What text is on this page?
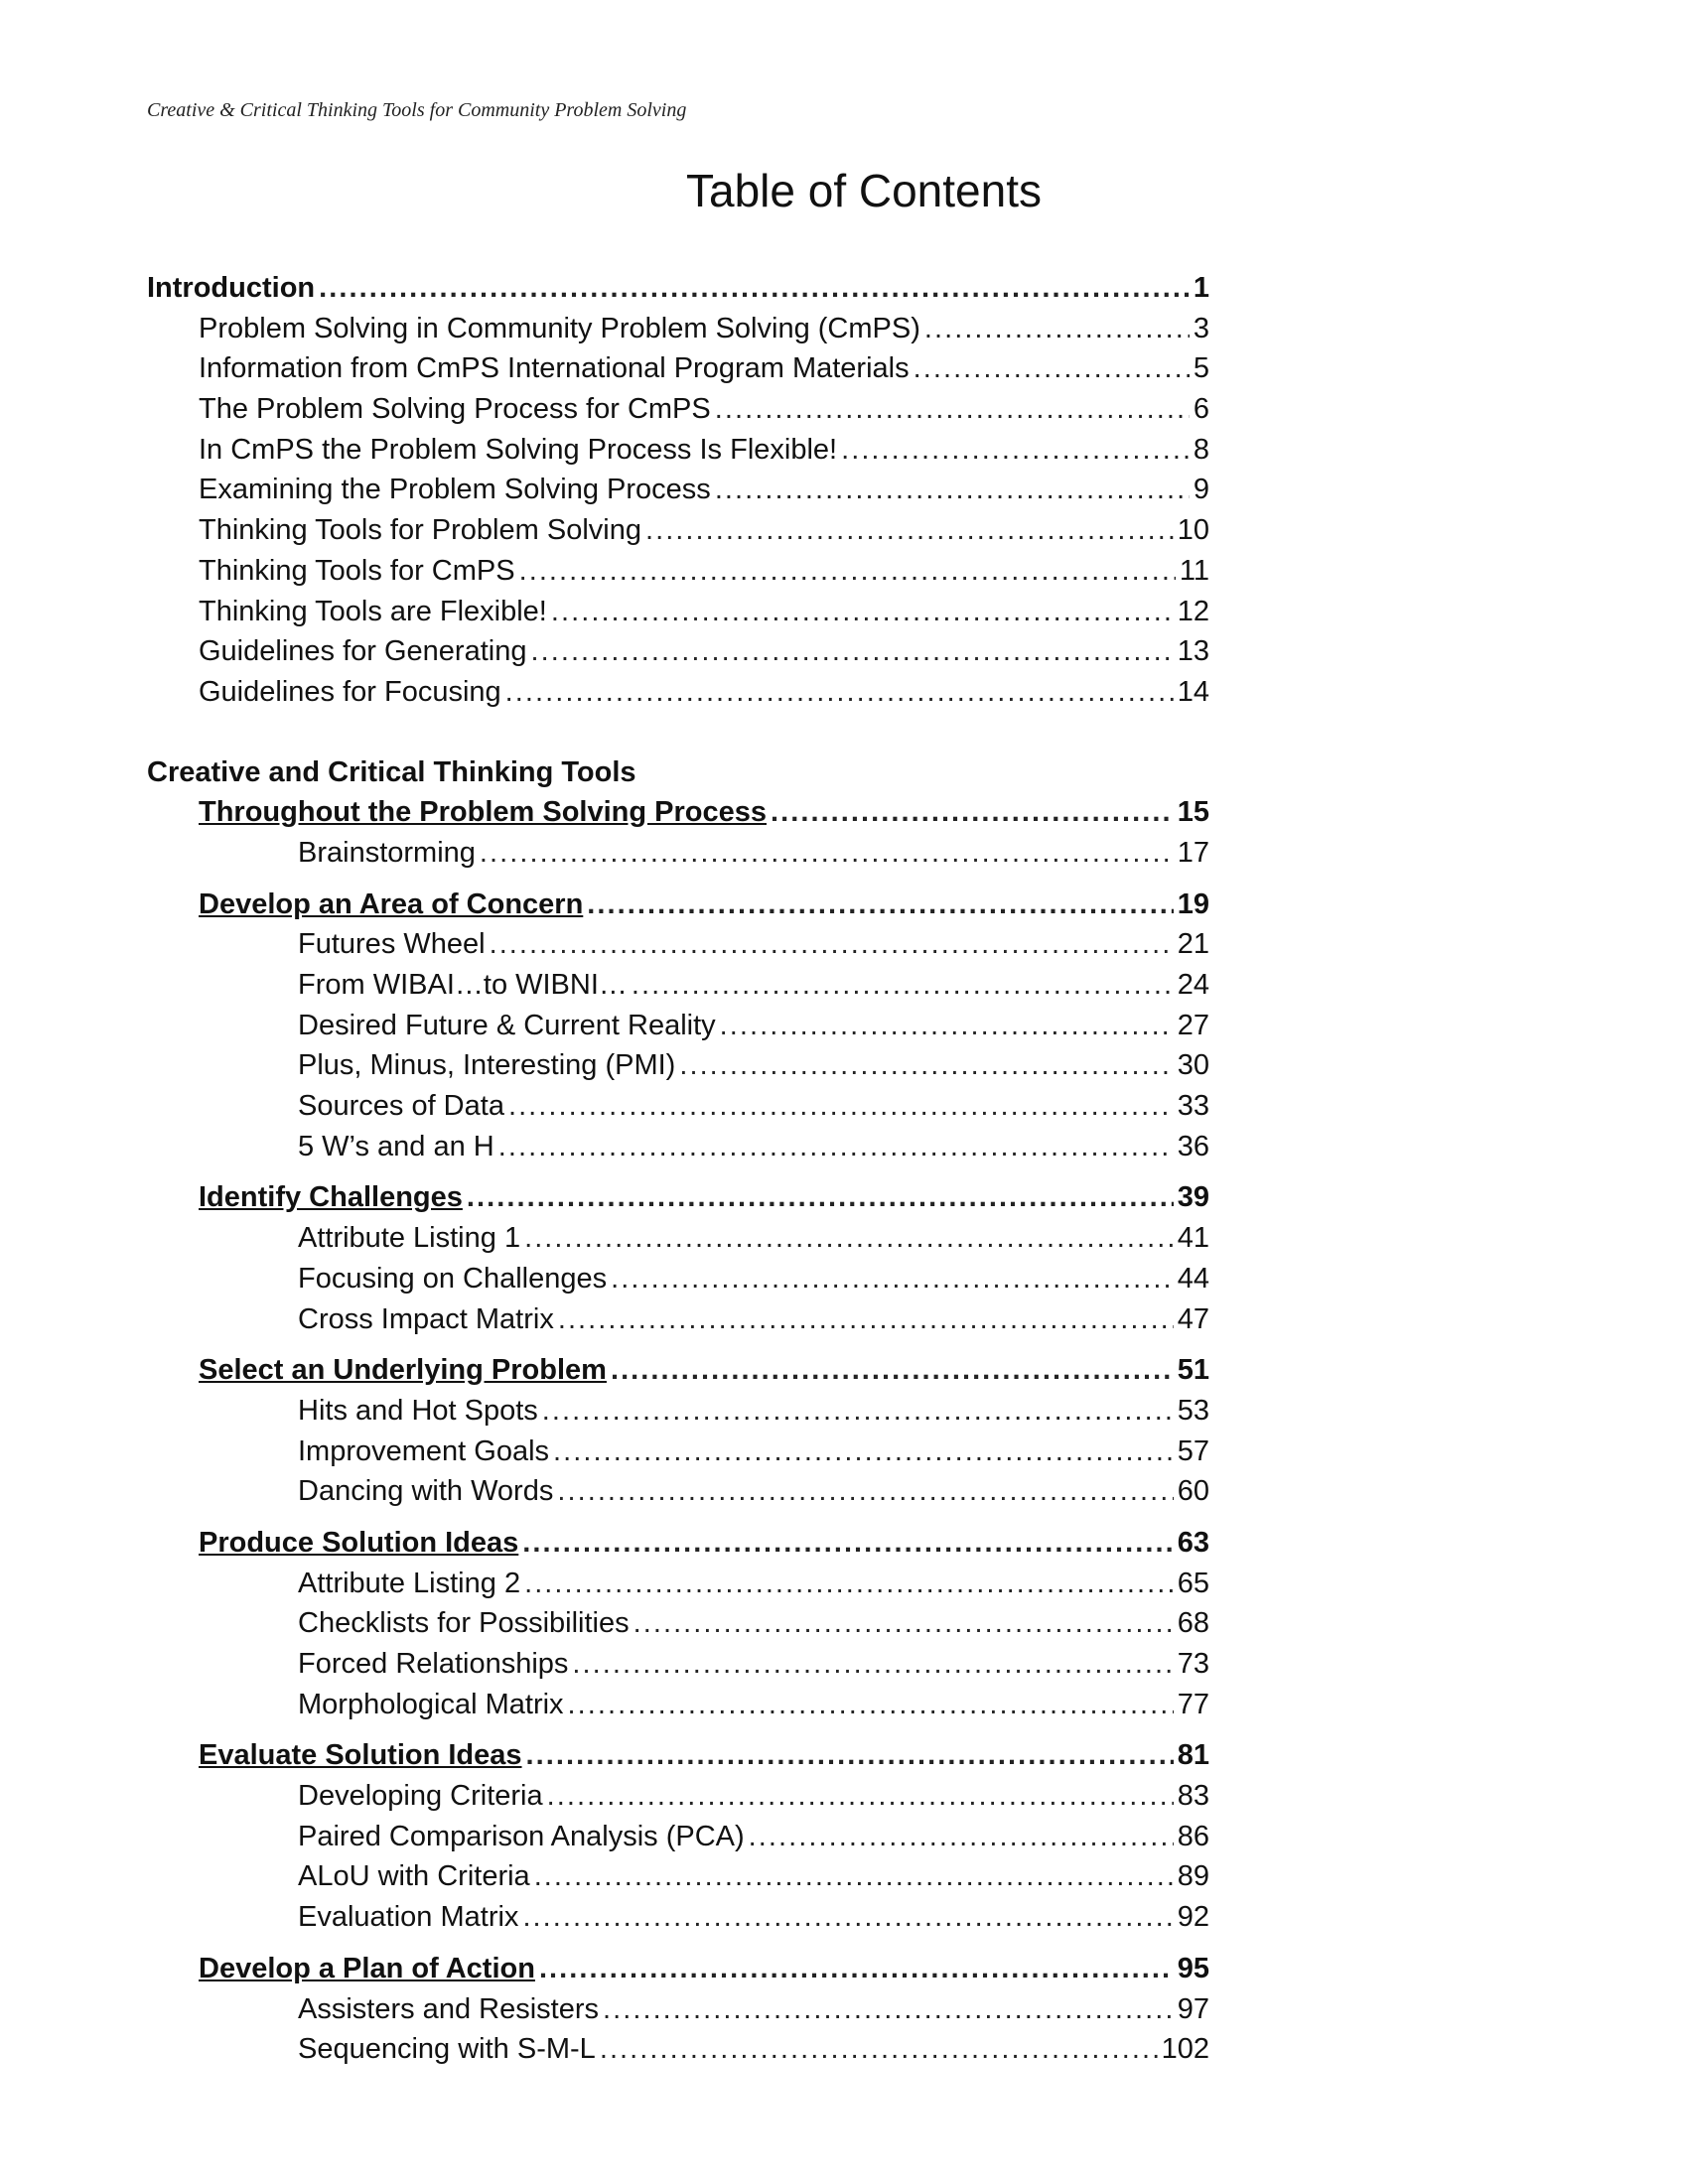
Creative & Critical Thinking Tools for Community Problem Solving
Table of Contents
Introduction . . .	1
Problem Solving in Community Problem Solving (CmPS) . . .	3
Information from CmPS International Program Materials . . .	5
The Problem Solving Process for CmPS . . .	6
In CmPS the Problem Solving Process Is Flexible! . . .	8
Examining the Problem Solving Process . . .	9
Thinking Tools for Problem Solving . . .	10
Thinking Tools for CmPS . . .	11
Thinking Tools are Flexible! . . .	12
Guidelines for Generating . . .	13
Guidelines for Focusing . . .	14
Creative and Critical Thinking Tools
Throughout the Problem Solving Process . . .	15
Brainstorming . . .	17
Develop an Area of Concern . . .	19
Futures Wheel . . .	21
From WIBAI…to WIBNI… . . .	24
Desired Future & Current Reality . . .	27
Plus, Minus, Interesting (PMI) . . .	30
Sources of Data . . .	33
5 W’s and an H . . .	36
Identify Challenges . . .	39
Attribute Listing 1 . . .	41
Focusing on Challenges . . .	44
Cross Impact Matrix . . .	47
Select an Underlying Problem . . .	51
Hits and Hot Spots . . .	53
Improvement Goals . . .	57
Dancing with Words . . .	60
Produce Solution Ideas . . .	63
Attribute Listing 2 . . .	65
Checklists for Possibilities . . .	68
Forced Relationships . . .	73
Morphological Matrix . . .	77
Evaluate Solution Ideas . . .	81
Developing Criteria . . .	83
Paired Comparison Analysis (PCA) . . .	86
ALoU with Criteria . . .	89
Evaluation Matrix . . .	92
Develop a Plan of Action . . .	95
Assisters and Resisters . . .	97
Sequencing with S-M-L . . .	102
